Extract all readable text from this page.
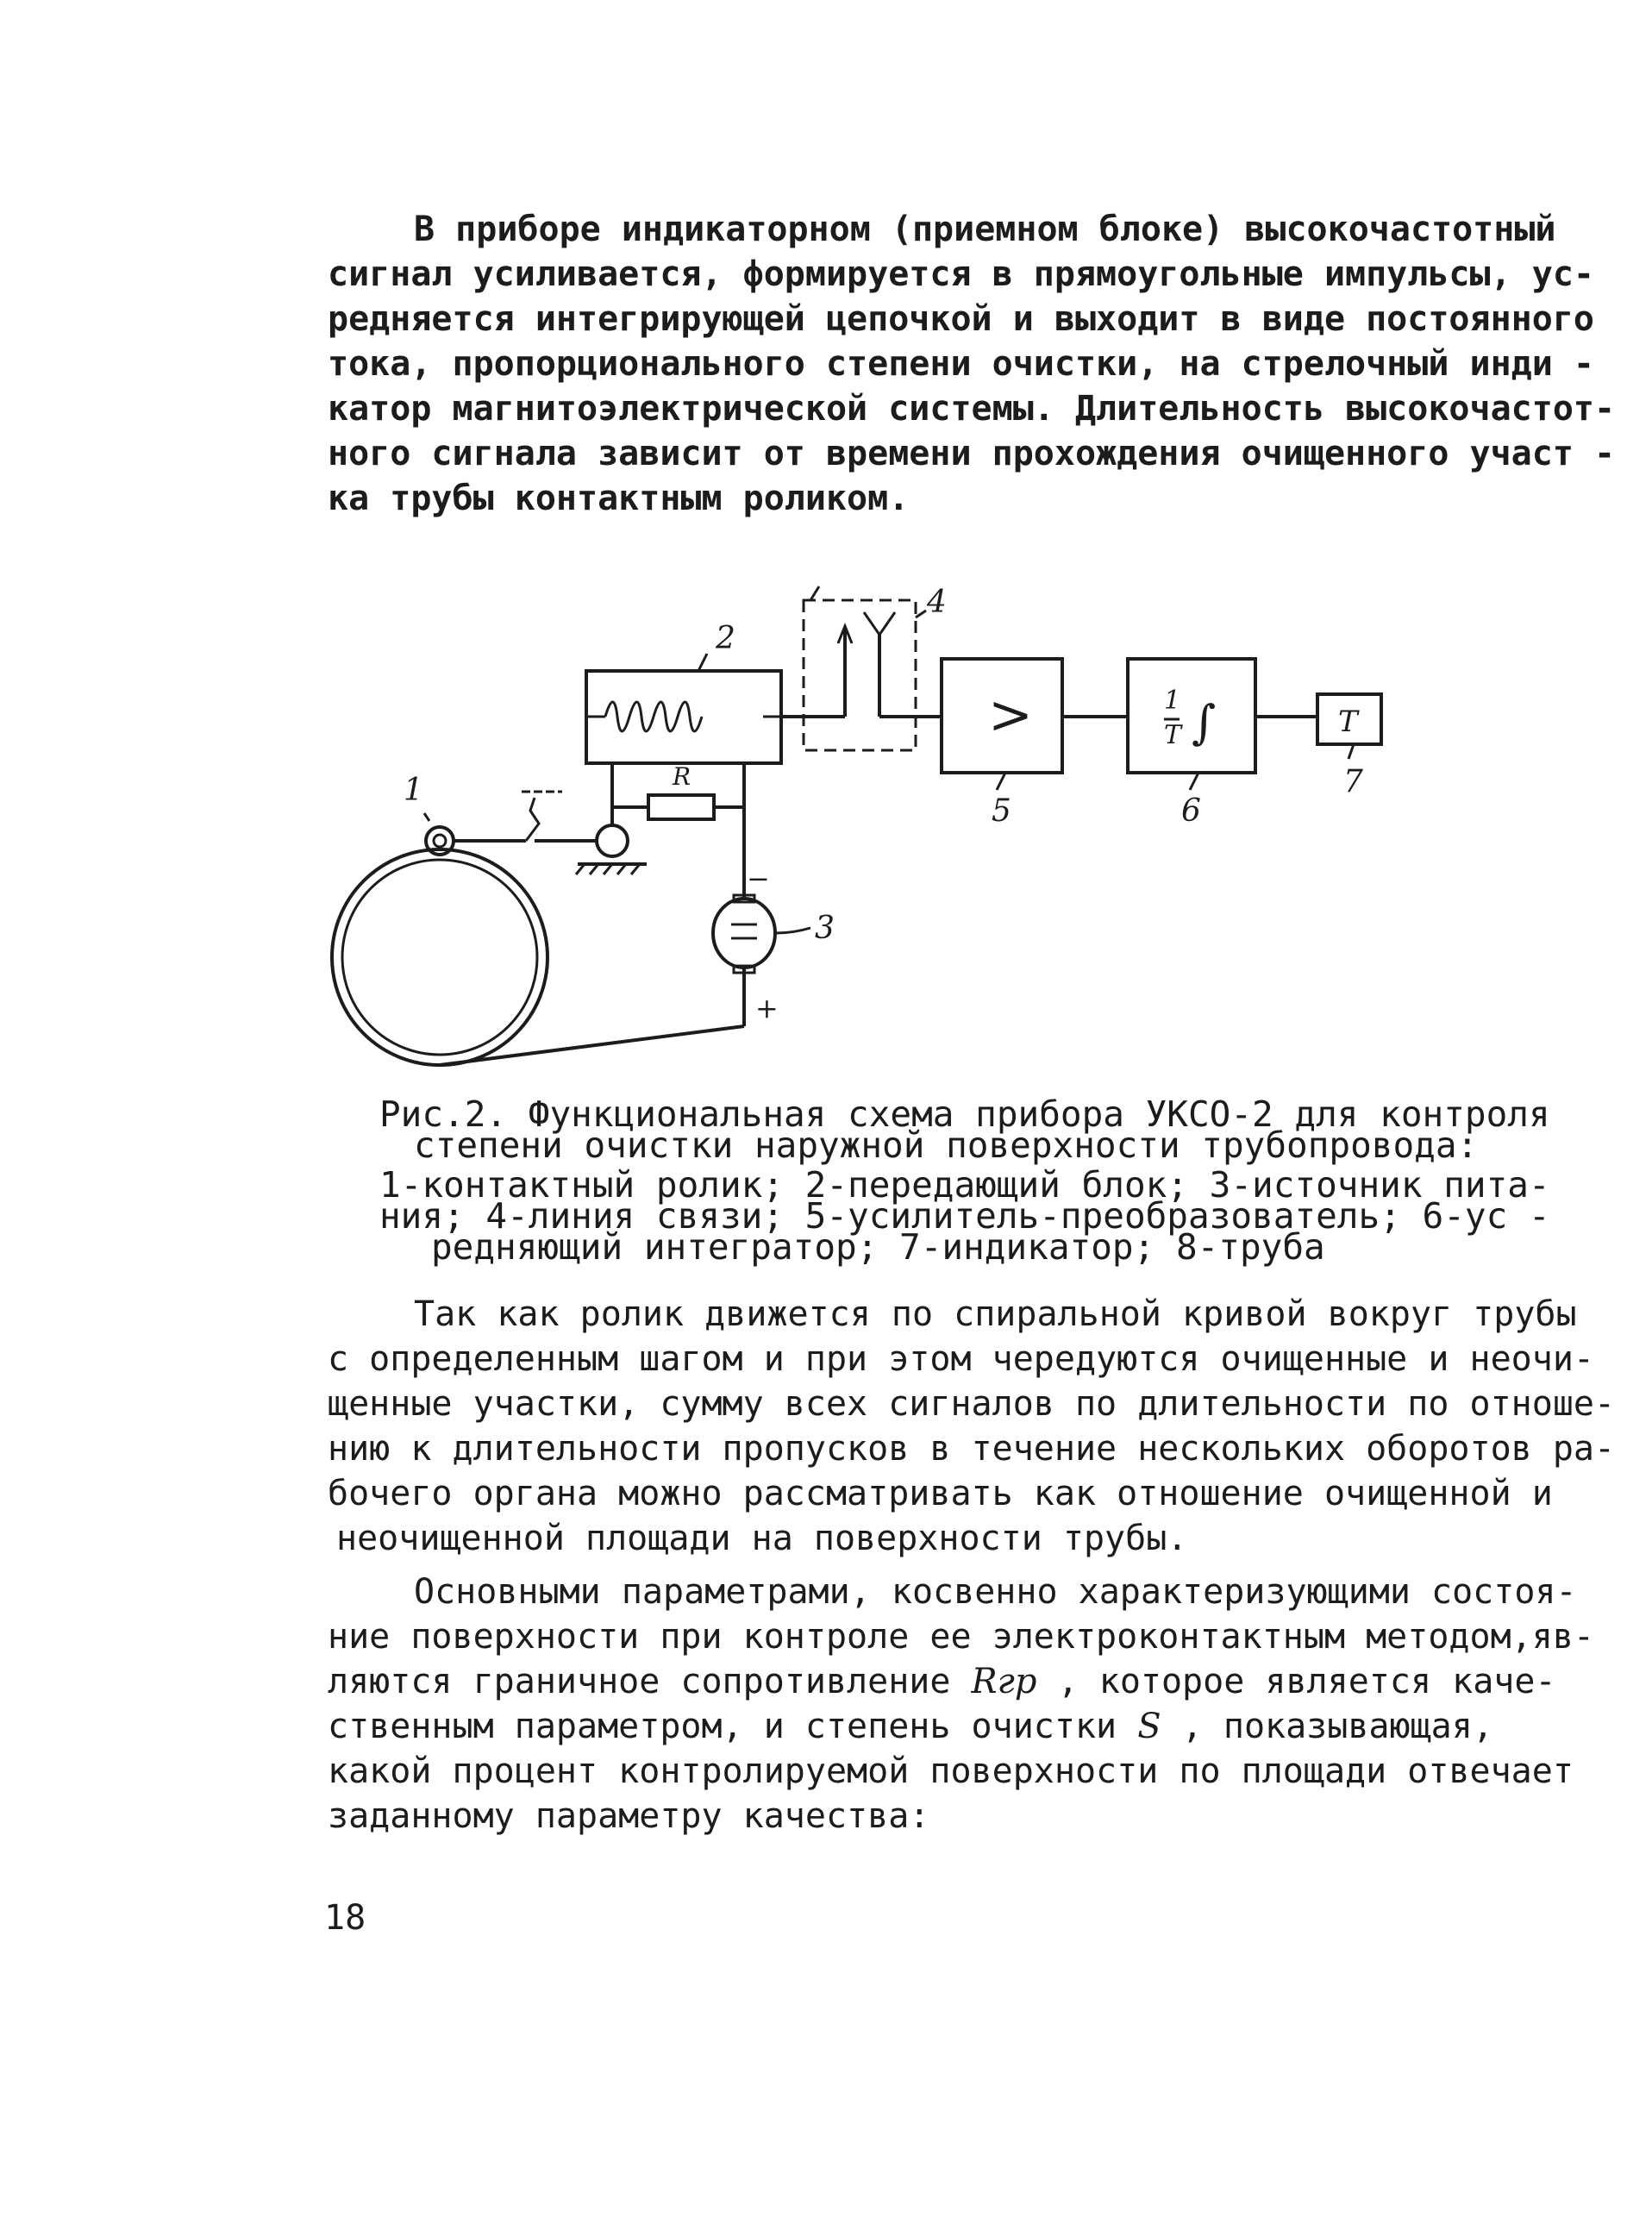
В приборе индикаторном (приемном блоке) высокочастотный
сигнал усиливается, формируется в прямоугольные импульсы, ус-
редняется интегрирующей цепочкой и выходит в виде постоянного
тока, пропорционального степени очистки, на стрелочный инди -
катор магнитоэлектрической системы. Длительность высокочастот-
ного сигнала зависит от времени прохождения очищенного участ -
ка трубы контактным роликом.
1
2
R
3
−
+
4
>
5
1
T ∫
6
T
7
Рис.2. Функциональная схема прибора УКСО-2 для контроля
степени очистки наружной поверхности трубопровода:
1-контактный ролик; 2-передающий блок; 3-источник пита-
ния; 4-линия связи; 5-усилитель-преобразователь; 6-ус -
редняющий интегратор; 7-индикатор; 8-труба
Так как ролик движется по спиральной кривой вокруг трубы
с определенным шагом и при этом чередуются очищенные и неочи-
щенные участки, сумму всех сигналов по длительности по отноше-
нию к длительности пропусков в течение нескольких оборотов ра-
бочего органа можно рассматривать как отношение очищенной и
неочищенной площади на поверхности трубы.
Основными параметрами, косвенно характеризующими состоя-
ние поверхности при контроле ее электроконтактным методом,яв-
ляются граничное сопротивление Rгр , которое является каче-
ственным параметром, и степень очистки S , показывающая,
какой процент контролируемой поверхности по площади отвечает
заданному параметру качества:
18
